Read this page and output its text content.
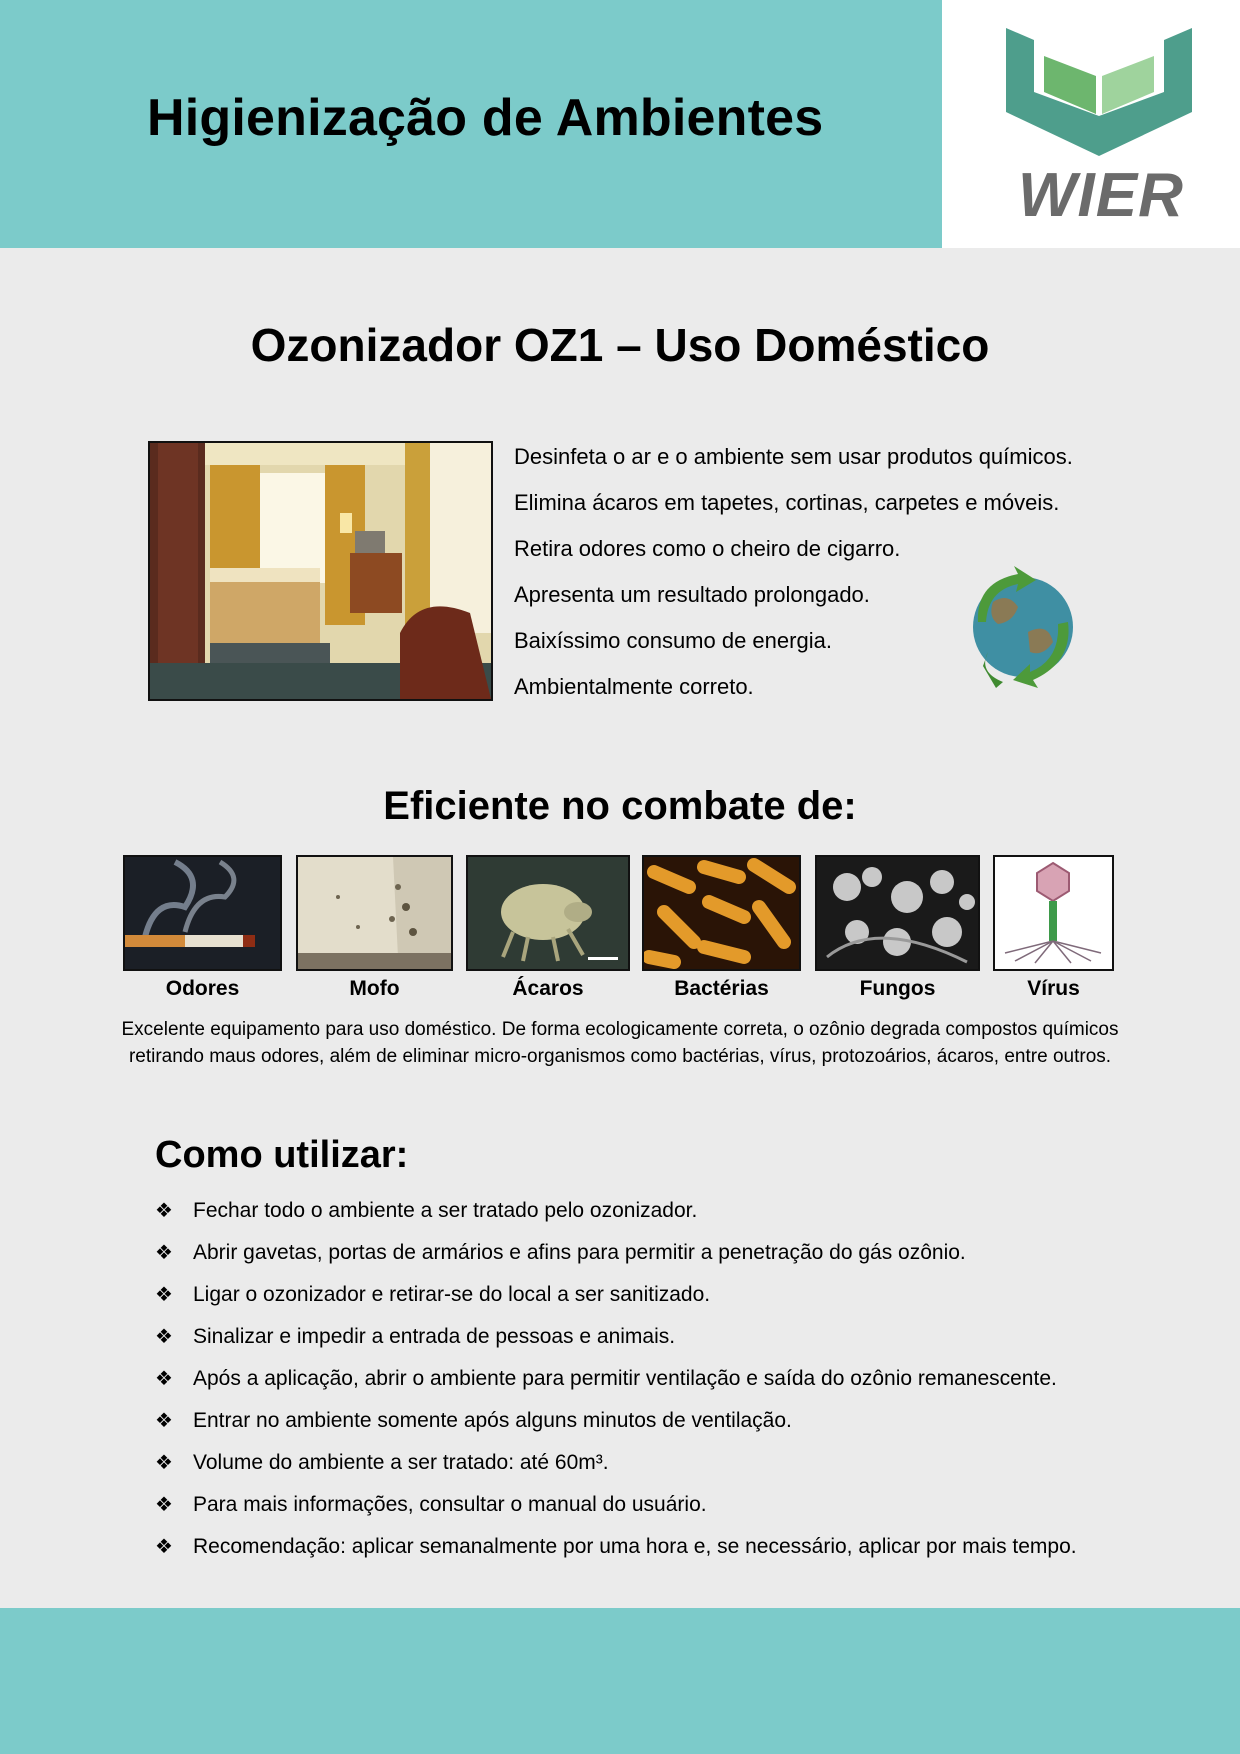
Higienização de Ambientes
WIER
Ozonizador OZ1 – Uso Doméstico
Desinfeta o ar e o ambiente sem usar produtos químicos.
Elimina ácaros em tapetes, cortinas, carpetes e móveis.
Retira odores como o cheiro de cigarro.
Apresenta um resultado prolongado.
Baixíssimo consumo de energia.
Ambientalmente correto.
Eficiente no combate de:
Odores	Mofo	Ácaros	Bactérias	Fungos	Vírus
Excelente equipamento para uso doméstico. De forma ecologicamente correta, o ozônio degrada compostos químicos retirando maus odores, além de eliminar micro-organismos como bactérias, vírus, protozoários, ácaros, entre outros.
Como utilizar:
❖ Fechar todo o ambiente a ser tratado pelo ozonizador.
❖ Abrir gavetas, portas de armários e afins para permitir a penetração do gás ozônio.
❖ Ligar o ozonizador e retirar-se do local a ser sanitizado.
❖ Sinalizar e impedir a entrada de pessoas e animais.
❖ Após a aplicação, abrir o ambiente para permitir ventilação e saída do ozônio remanescente.
❖ Entrar no ambiente somente após alguns minutos de ventilação.
❖ Volume do ambiente a ser tratado: até 60m³.
❖ Para mais informações, consultar o manual do usuário.
❖ Recomendação: aplicar semanalmente por uma hora e, se necessário, aplicar por mais tempo.
